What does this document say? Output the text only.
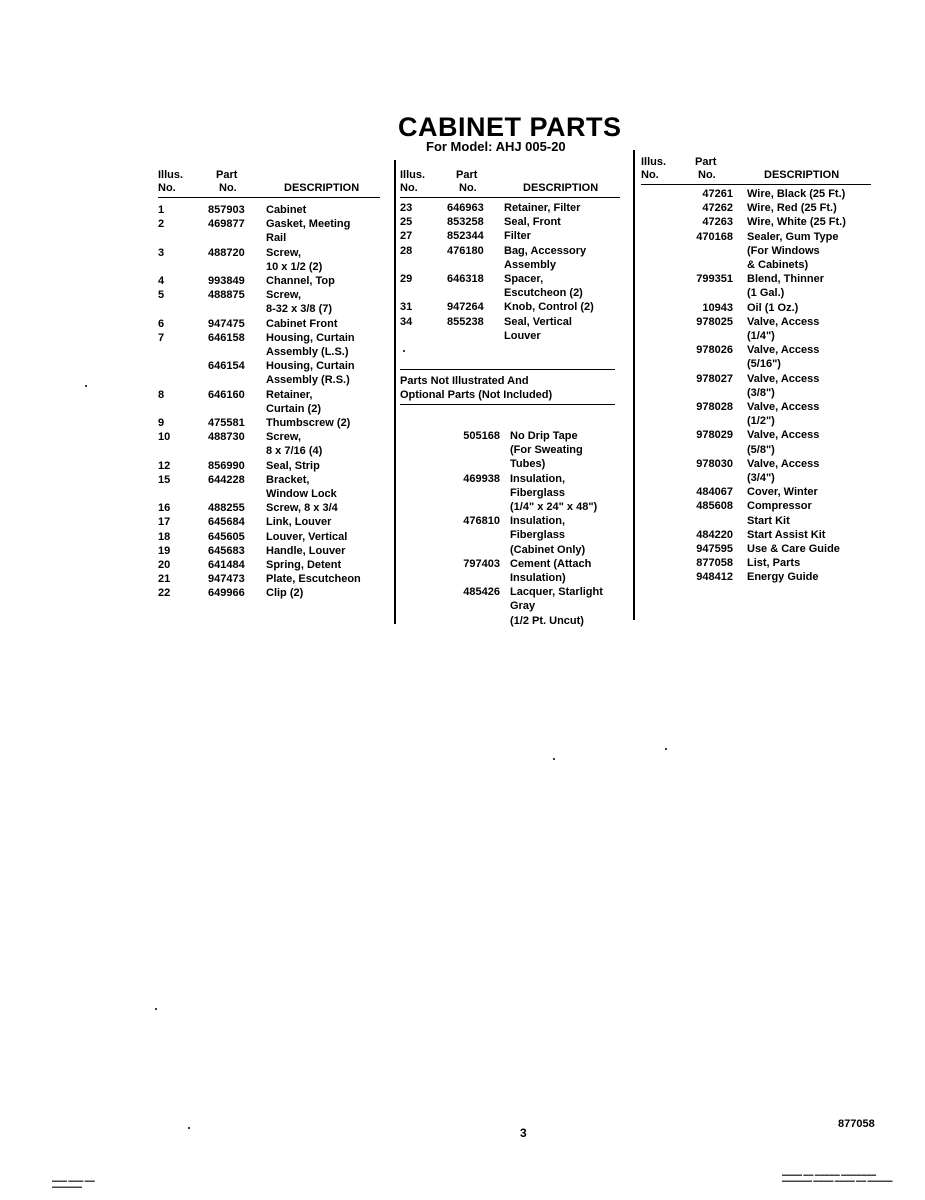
CABINET PARTS
For Model: AHJ 005-20
Illus.
No.
Part
No.	DESCRIPTION
1	857903	Cabinet
2	469877	Gasket, Meeting
Rail
3	488720	Screw,
10 x 1/2 (2)
4	993849	Channel, Top
5	488875	Screw,
8-32 x 3/8 (7)
6	947475	Cabinet Front
7	646158	Housing, Curtain
Assembly (L.S.)
646154	Housing, Curtain
Assembly (R.S.)
8	646160	Retainer,
Curtain (2)
9	475581	Thumbscrew (2)
10	488730	Screw,
8 x 7/16 (4)
12	856990	Seal, Strip
15	644228	Bracket,
Window Lock
16	488255	Screw, 8 x 3/4
17	645684	Link, Louver
18	645605	Louver, Vertical
19	645683	Handle, Louver
20	641484	Spring, Detent
21	947473	Plate, Escutcheon
22	649966	Clip (2)
Illus.
No.
Part
No.	DESCRIPTION
23	646963	Retainer, Filter
25	853258	Seal, Front
27	852344	Filter
28	476180	Bag, Accessory
Assembly
29	646318	Spacer,
Escutcheon (2)
31	947264	Knob, Control (2)
34	855238	Seal, Vertical
Louver
Parts Not Illustrated And
Optional Parts (Not Included)
505168 No Drip Tape
(For Sweating
Tubes)
469938 Insulation,
Fiberglass
(1/4" x 24" x 48")
476810 Insulation,
Fiberglass
(Cabinet Only)
797403 Cement (Attach
Insulation)
485426 Lacquer, Starlight
Gray
(1/2 Pt. Uncut)
Illus.
No.
Part
No.	DESCRIPTION
47261	Wire, Black (25 Ft.)
47262	Wire, Red (25 Ft.)
47263	Wire, White (25 Ft.)
470168	Sealer, Gum Type
(For Windows
& Cabinets)
799351	Blend, Thinner
(1 Gal.)
10943	Oil (1 Oz.)
978025	Valve, Access
(1/4")
978026	Valve, Access
(5/16")
978027	Valve, Access
(3/8")
978028	Valve, Access
(1/2")
978029	Valve, Access
(5/8")
978030	Valve, Access
(3/4")
484067	Cover, Winter
485608	Compressor
Start Kit
484220	Start Assist Kit
947595	Use & Care Guide
877058	List, Parts
948412	Energy Guide
3
877058
▬▬▬ ▬▬▬ ▬▬
▬▬▬▬▬▬
▬▬▬▬ ▬▬ ▬▬▬▬▬ ▬▬▬▬▬▬▬
▬▬▬▬▬▬ ▬▬▬▬ ▬▬▬▬ ▬▬ ▬▬▬▬▬
